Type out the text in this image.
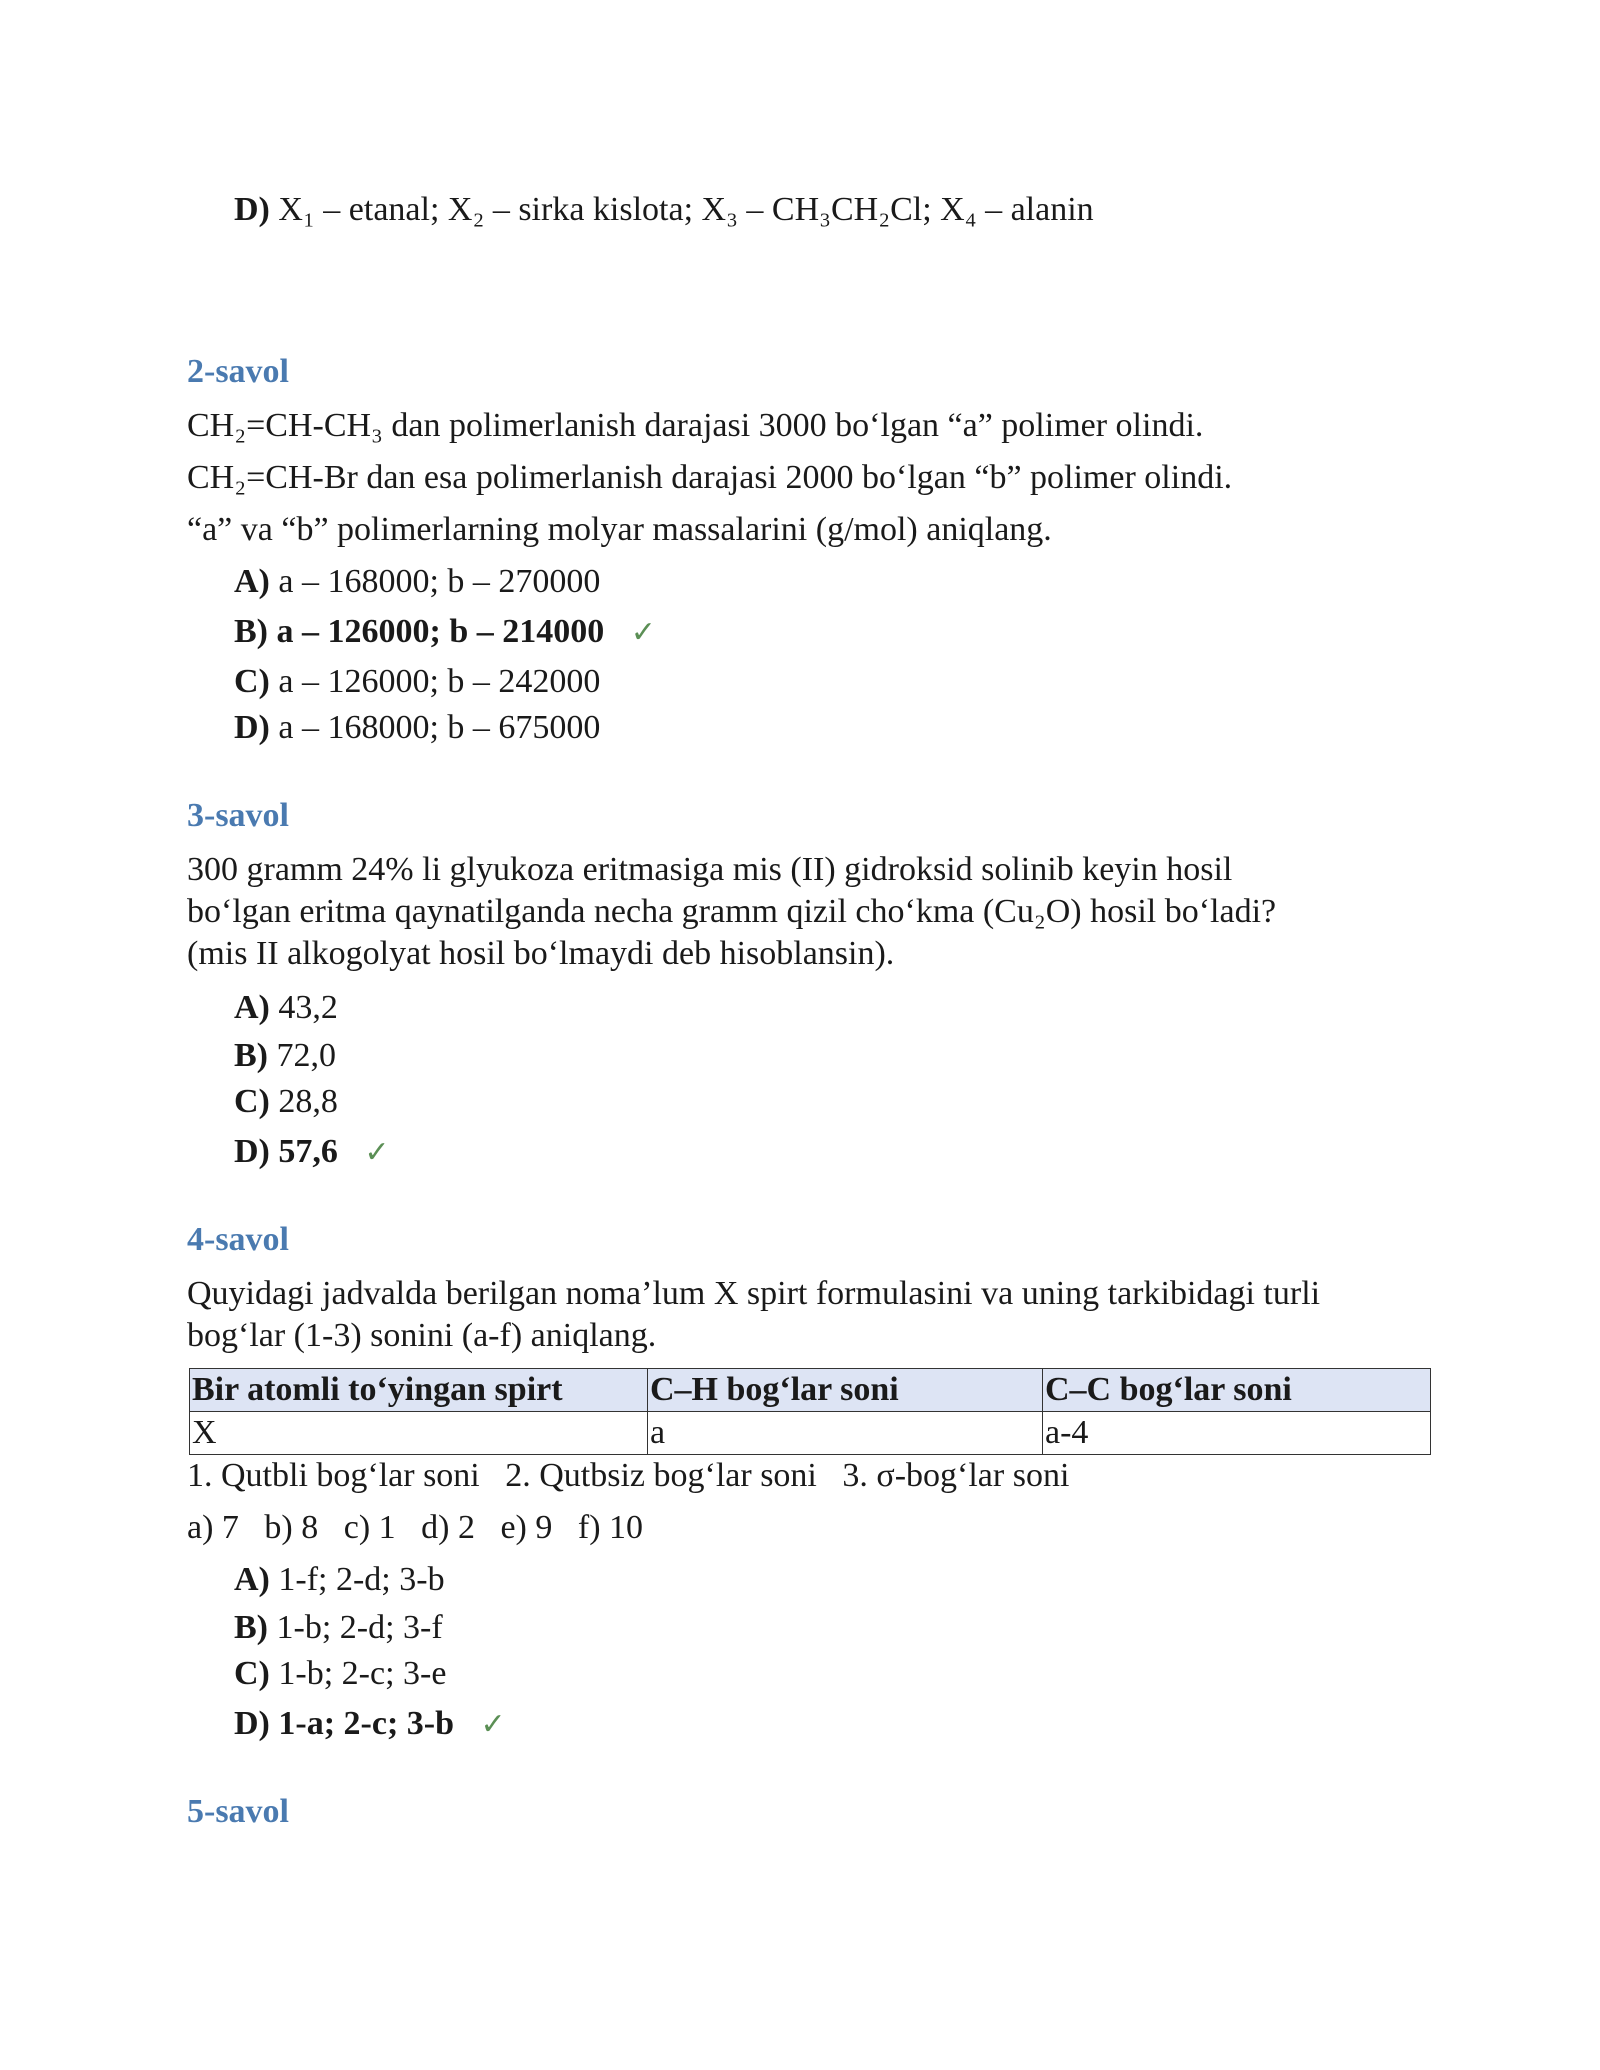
D) X₁ – etanal; X₂ – sirka kislota; X₃ – CH₃CH₂Cl; X₄ – alanin
2-savol
CH₂=CH-CH₃ dan polimerlanish darajasi 3000 bo‘lgan “a” polimer olindi.
CH₂=CH-Br dan esa polimerlanish darajasi 2000 bo‘lgan “b” polimer olindi.
“a” va “b” polimerlarning molyar massalarini (g/mol) aniqlang.
A) a – 168000; b – 270000
B) a – 126000; b – 214000 ✓
C) a – 126000; b – 242000
D) a – 168000; b – 675000
3-savol
300 gramm 24% li glyukoza eritmasiga mis (II) gidroksid solinib keyin hosil
bo‘lgan eritma qaynatilganda necha gramm qizil cho‘kma (Cu₂O) hosil bo‘ladi?
(mis II alkogolyat hosil bo‘lmaydi deb hisoblansin).
A) 43,2
B) 72,0
C) 28,8
D) 57,6 ✓
4-savol
Quyidagi jadvalda berilgan noma’lum X spirt formulasini va uning tarkibidagi turli
bog‘lar (1-3) sonini (a-f) aniqlang.
Bir atomli to‘yingan spirt	C–H bog‘lar soni	C–C bog‘lar soni
X	a	a-4
1. Qutbli bog‘lar soni   2. Qutbsiz bog‘lar soni   3. σ-bog‘lar soni
a) 7   b) 8   c) 1   d) 2   e) 9   f) 10
A) 1-f; 2-d; 3-b
B) 1-b; 2-d; 3-f
C) 1-b; 2-c; 3-e
D) 1-a; 2-c; 3-b ✓
5-savol
